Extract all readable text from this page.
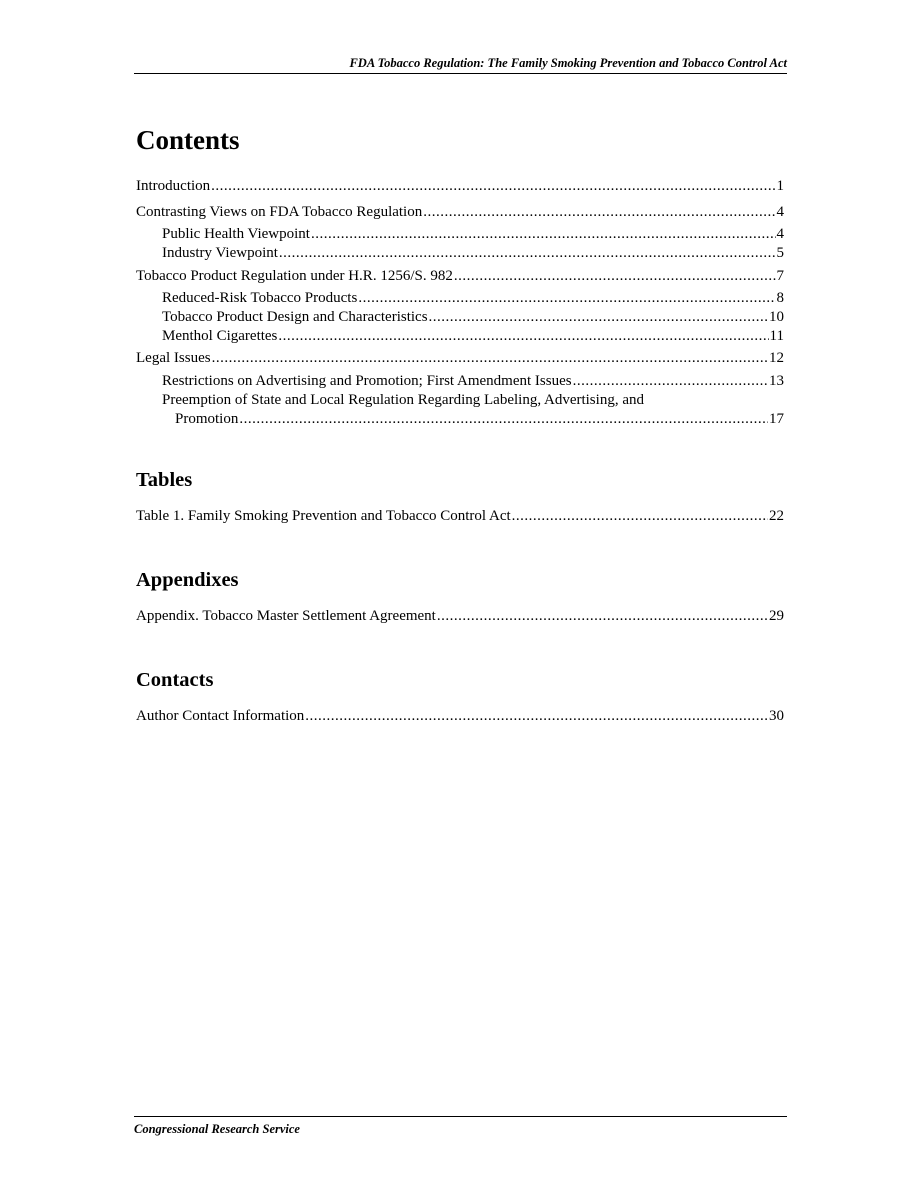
FDA Tobacco Regulation: The Family Smoking Prevention and Tobacco Control Act
Contents
Introduction .....	1
Contrasting Views on FDA Tobacco Regulation .....	4
Public Health Viewpoint .....	4
Industry Viewpoint .....	5
Tobacco Product Regulation under H.R. 1256/S. 982 .....	7
Reduced-Risk Tobacco Products .....	8
Tobacco Product Design and Characteristics .....	10
Menthol Cigarettes .....	11
Legal Issues .....	12
Restrictions on Advertising and Promotion; First Amendment Issues .....	13
Preemption of State and Local Regulation Regarding Labeling, Advertising, and
Promotion .....	17
Tables
Table 1. Family Smoking Prevention and Tobacco Control Act .....	22
Appendixes
Appendix. Tobacco Master Settlement Agreement .....	29
Contacts
Author Contact Information .....	30
Congressional Research Service
